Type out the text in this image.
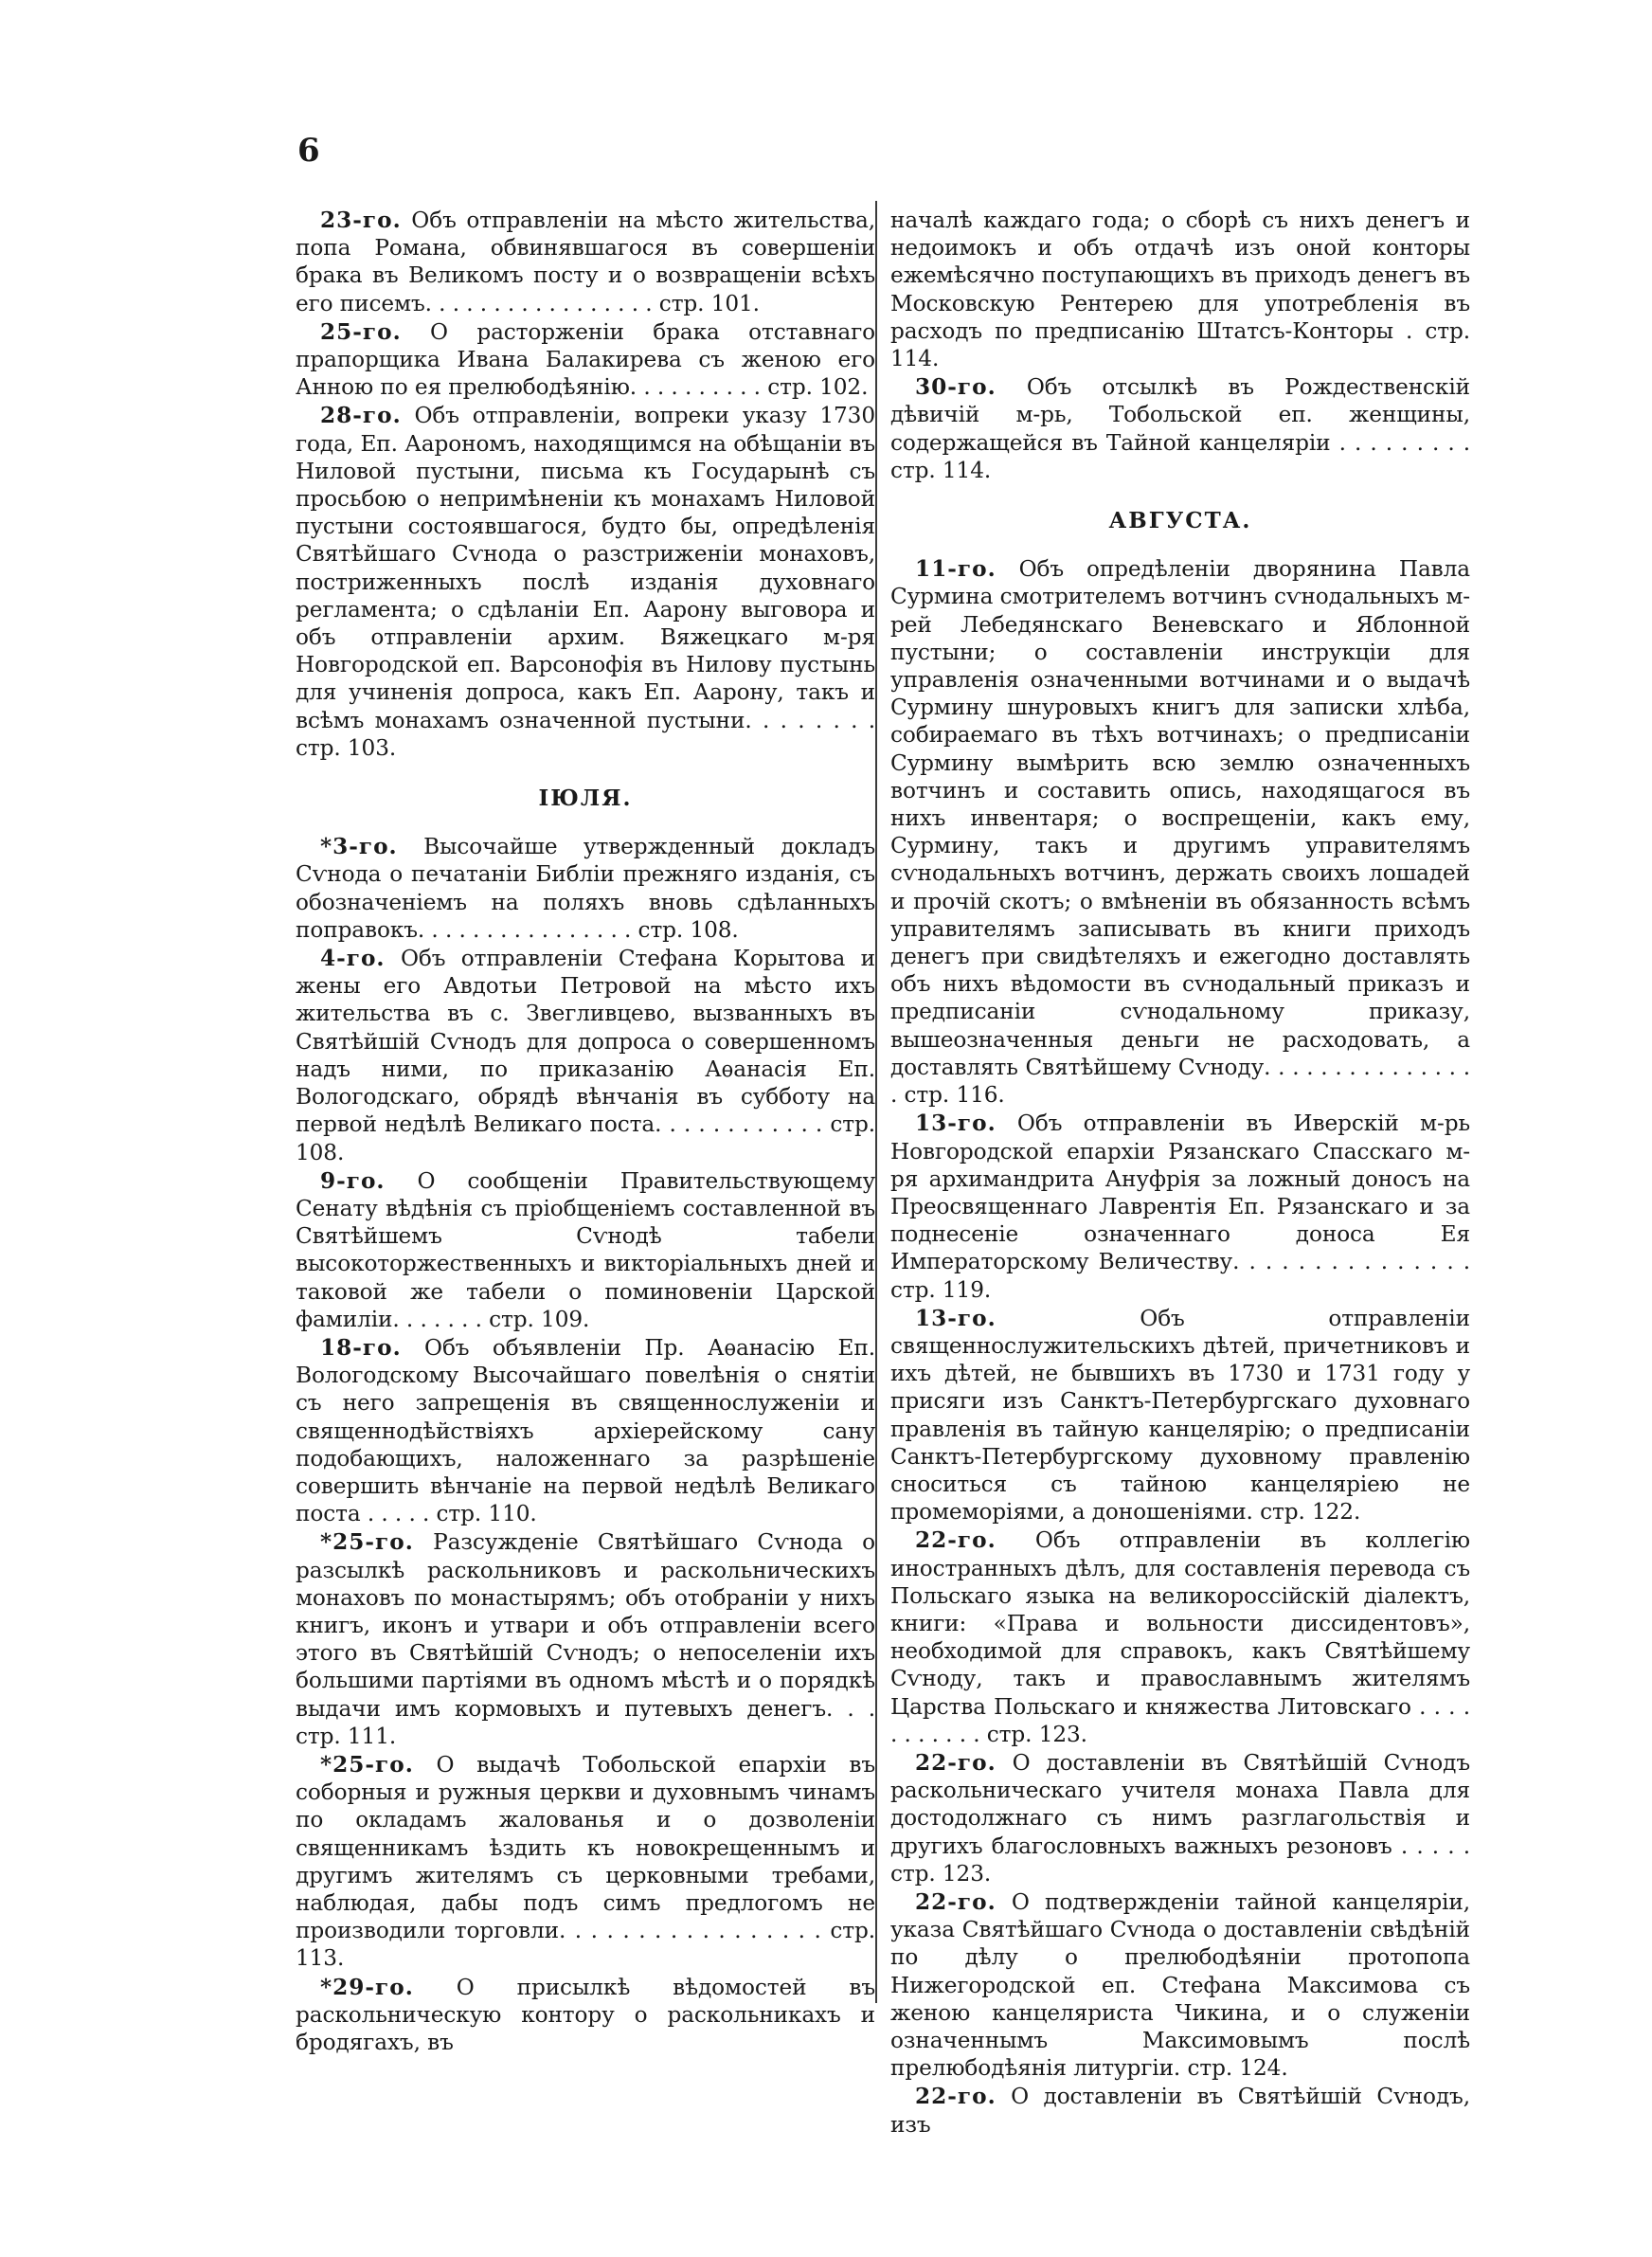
6

23-го. Объ отправленіи на мѣсто жительства, попа Романа, обвинявшагося въ совершеніи брака въ Великомъ посту и о возвращеніи всѣхъ его писемъ. . . . . . . . . . . . . . . . . стр. 101.

25-го. О расторженіи брака отставнаго прапорщика Ивана Балакирева съ женою его Анною по ея прелюбодѣянію. . . . . . . . . . стр. 102.

28-го. Объ отправленіи, вопреки указу 1730 года, Еп. Аарономъ, находящимся на обѣщаніи въ Ниловой пустыни, письма къ Государынѣ съ просьбою о непримѣненіи къ монахамъ Ниловой пустыни состоявшагося, будто бы, опредѣленія Святѣйшаго Сѵнода о разстриженіи монаховъ, постриженныхъ послѣ изданія духовнаго регламента; о сдѣланіи Еп. Аарону выговора и объ отправленіи архим. Вяжецкаго м-ря Новгородской еп. Варсонофія въ Нилову пустынь для учиненія допроса, какъ Еп. Аарону, такъ и всѣмъ монахамъ означенной пустыни. . . . . . . . стр. 103.

ІЮЛЯ.

*3-го. Высочайше утвержденный докладъ Сѵнода о печатаніи Библіи прежняго изданія, съ обозначеніемъ на поляхъ вновь сдѣланныхъ поправокъ. . . . . . . . . . . . . . . . стр. 108.

4-го. Объ отправленіи Стефана Корытова и жены его Авдотьи Петровой на мѣсто ихъ жительства въ с. Звегливцево, вызванныхъ въ Святѣйшій Сѵнодъ для допроса о совершенномъ надъ ними, по приказанію Аѳанасія Еп. Вологодскаго, обрядѣ вѣнчанія въ субботу на первой недѣлѣ Великаго поста. . . . . . . . . . . . стр. 108.

9-го. О сообщеніи Правительствующему Сенату вѣдѣнія съ пріобщеніемъ составленной въ Святѣйшемъ Сѵнодѣ табели высокоторжественныхъ и викторіальныхъ дней и таковой же табели о поминовеніи Царской фамиліи. . . . . . . стр. 109.

18-го. Объ объявленіи Пр. Аѳанасію Еп. Вологодскому Высочайшаго повелѣнія о снятіи съ него запрещенія въ священнослуженіи и священнодѣйствіяхъ архіерейскому сану подобающихъ, наложеннаго за разрѣшеніе совершить вѣнчаніе на первой недѣлѣ Великаго поста . . . . . стр. 110.

*25-го. Разсужденіе Святѣйшаго Сѵнода о разсылкѣ раскольниковъ и раскольническихъ монаховъ по монастырямъ; объ отобраніи у нихъ книгъ, иконъ и утвари и объ отправленіи всего этого въ Святѣйшій Сѵнодъ; о непоселеніи ихъ большими партіями въ одномъ мѣстѣ и о порядкѣ выдачи имъ кормовыхъ и путевыхъ денегъ. . . стр. 111.

*25-го. О выдачѣ Тобольской епархіи въ соборныя и ружныя церкви и духовнымъ чинамъ по окладамъ жалованья и о дозволеніи священникамъ ѣздить къ новокрещеннымъ и другимъ жителямъ съ церковными требами, наблюдая, дабы подъ симъ предлогомъ не производили торговли. . . . . . . . . . . . . . . . . стр. 113.

*29-го. О присылкѣ вѣдомостей въ раскольническую контору о раскольникахъ и бродягахъ, въ

началѣ каждаго года; о сборѣ съ нихъ денегъ и недоимокъ и объ отдачѣ изъ оной конторы ежемѣсячно поступающихъ въ приходъ денегъ въ Московскую Рентерею для употребленія въ расходъ по предписанію Штатсъ-Конторы . стр. 114.

30-го. Объ отсылкѣ въ Рождественскій дѣвичій м-рь, Тобольской еп. женщины, содержащейся въ Тайной канцеляріи . . . . . . . . . стр. 114.

АВГУСТА.

11-го. Объ опредѣленіи дворянина Павла Сурмина смотрителемъ вотчинъ сѵнодальныхъ м-рей Лебедянскаго Веневскаго и Яблонной пустыни; о составленіи инструкціи для управленія означенными вотчинами и о выдачѣ Сурмину шнуровыхъ книгъ для записки хлѣба, собираемаго въ тѣхъ вотчинахъ; о предписаніи Сурмину вымѣрить всю землю означенныхъ вотчинъ и составить опись, находящагося въ нихъ инвентаря; о воспрещеніи, какъ ему, Сурмину, такъ и другимъ управителямъ сѵнодальныхъ вотчинъ, держать своихъ лошадей и прочій скотъ; о вмѣненіи въ обязанность всѣмъ управителямъ записывать въ книги приходъ денегъ при свидѣтеляхъ и ежегодно доставлять объ нихъ вѣдомости въ сѵнодальный приказъ и предписаніи сѵнодальному приказу, вышеозначенныя деньги не расходовать, а доставлять Святѣйшему Сѵноду. . . . . . . . . . . . . . . . стр. 116.

13-го. Объ отправленіи въ Иверскій м-рь Новгородской епархіи Рязанскаго Спасскаго м-ря архимандрита Ануфрія за ложный доносъ на Преосвященнаго Лаврентія Еп. Рязанскаго и за поднесеніе означеннаго доноса Ея Императорскому Величеству. . . . . . . . . . . . . . . стр. 119.

13-го.	Объ отправленіи священнослужительскихъ дѣтей, причетниковъ и ихъ дѣтей, не бывшихъ въ 1730 и 1731 году у присяги изъ Санктъ-Петербургскаго духовнаго правленія въ тайную канцелярію; о предписаніи Санктъ-Петербургскому духовному правленію сноситься съ тайною канцеляріею не промеморіями, а доношеніями. стр. 122.

22-го. Объ отправленіи въ коллегію иностранныхъ дѣлъ, для составленія перевода съ Польскаго языка на великороссійскій діалектъ, книги: «Права и вольности диссидентовъ», необходимой для справокъ, какъ Святѣйшему Сѵноду, такъ и православнымъ жителямъ Царства Польскаго и княжества Литовскаго . . . . . . . . . . . стр. 123.

22-го. О доставленіи въ Святѣйшій Сѵнодъ раскольническаго учителя монаха Павла для достодолжнаго съ нимъ разглагольствія и другихъ благословныхъ важныхъ резоновъ . . . . . стр. 123.

22-го. О подтвержденіи тайной канцеляріи, указа Святѣйшаго Сѵнода о доставленіи свѣдѣній по дѣлу о прелюбодѣяніи протопопа Нижегородской еп. Стефана Максимова съ женою канцеляриста Чикина, и о служеніи означеннымъ Максимовымъ послѣ прелюбодѣянія литургіи. стр. 124.

22-го. О доставленіи въ Святѣйшій Сѵнодъ, изъ
